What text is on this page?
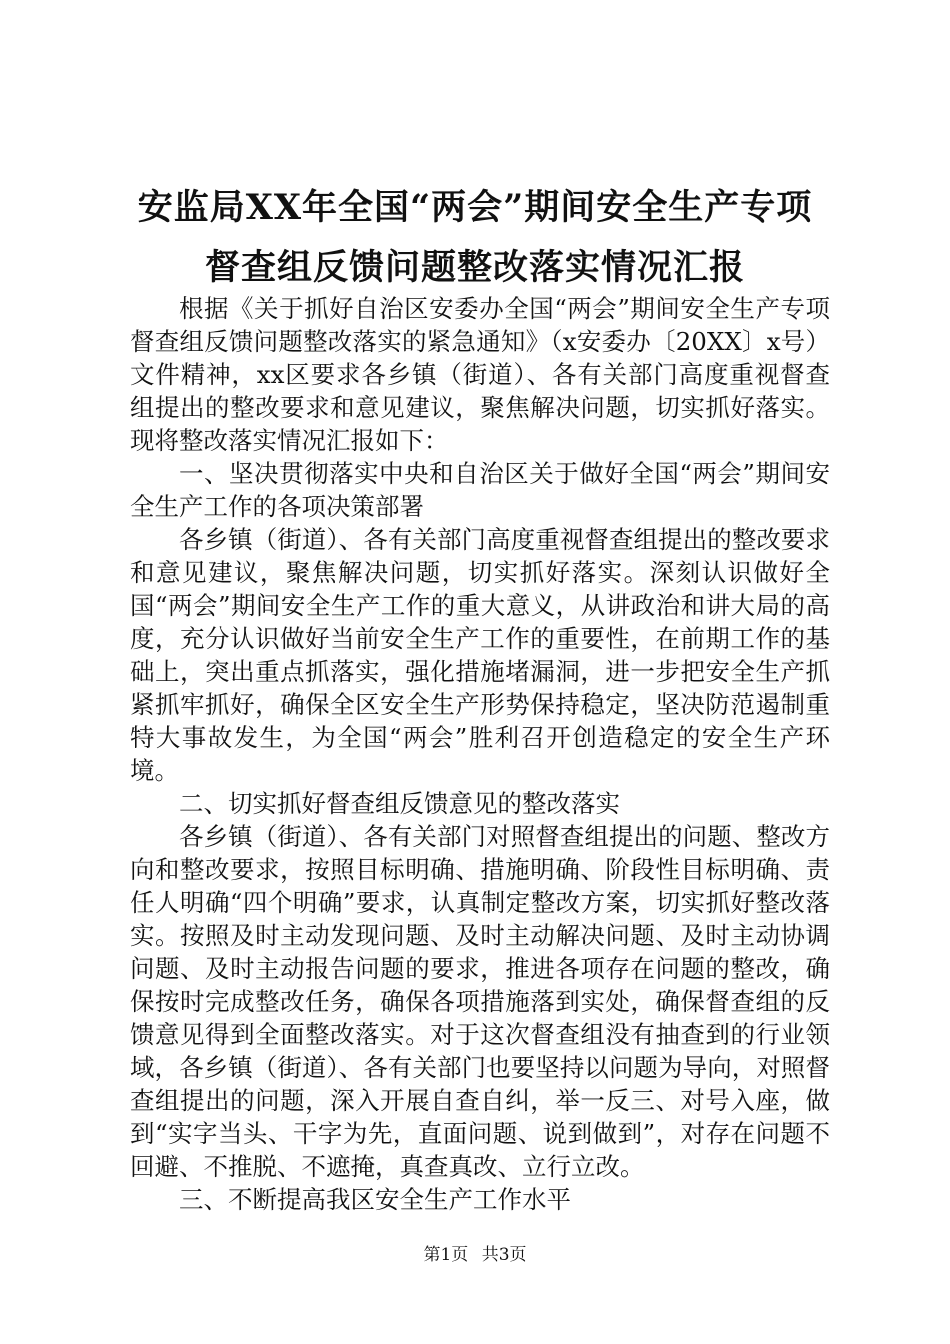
安监局XX年全国“两会”期间安全生产专项
督查组反馈问题整改落实情况汇报

根据《关于抓好自治区安委办全国“两会”期间安全生产专项督查组反馈问题整改落实的紧急通知》（x安委办〔20XX〕x号）文件精神，xx区要求各乡镇（街道）、各有关部门高度重视督查组提出的整改要求和意见建议，聚焦解决问题，切实抓好落实。现将整改落实情况汇报如下：

一、坚决贯彻落实中央和自治区关于做好全国“两会”期间安全生产工作的各项决策部署

各乡镇（街道）、各有关部门高度重视督查组提出的整改要求和意见建议，聚焦解决问题，切实抓好落实。深刻认识做好全国“两会”期间安全生产工作的重大意义，从讲政治和讲大局的高度，充分认识做好当前安全生产工作的重要性，在前期工作的基础上，突出重点抓落实，强化措施堵漏洞，进一步把安全生产抓紧抓牢抓好，确保全区安全生产形势保持稳定，坚决防范遏制重特大事故发生，为全国“两会”胜利召开创造稳定的安全生产环境。

二、切实抓好督查组反馈意见的整改落实

各乡镇（街道）、各有关部门对照督查组提出的问题、整改方向和整改要求，按照目标明确、措施明确、阶段性目标明确、责任人明确“四个明确”要求，认真制定整改方案，切实抓好整改落实。按照及时主动发现问题、及时主动解决问题、及时主动协调问题、及时主动报告问题的要求，推进各项存在问题的整改，确保按时完成整改任务，确保各项措施落到实处，确保督查组的反馈意见得到全面整改落实。对于这次督查组没有抽查到的行业领域，各乡镇（街道）、各有关部门也要坚持以问题为导向，对照督查组提出的问题，深入开展自查自纠，举一反三、对号入座，做到“实字当头、干字为先，直面问题、说到做到”，对存在问题不回避、不推脱、不遮掩，真查真改、立行立改。

三、不断提高我区安全生产工作水平

第1页 共3页
